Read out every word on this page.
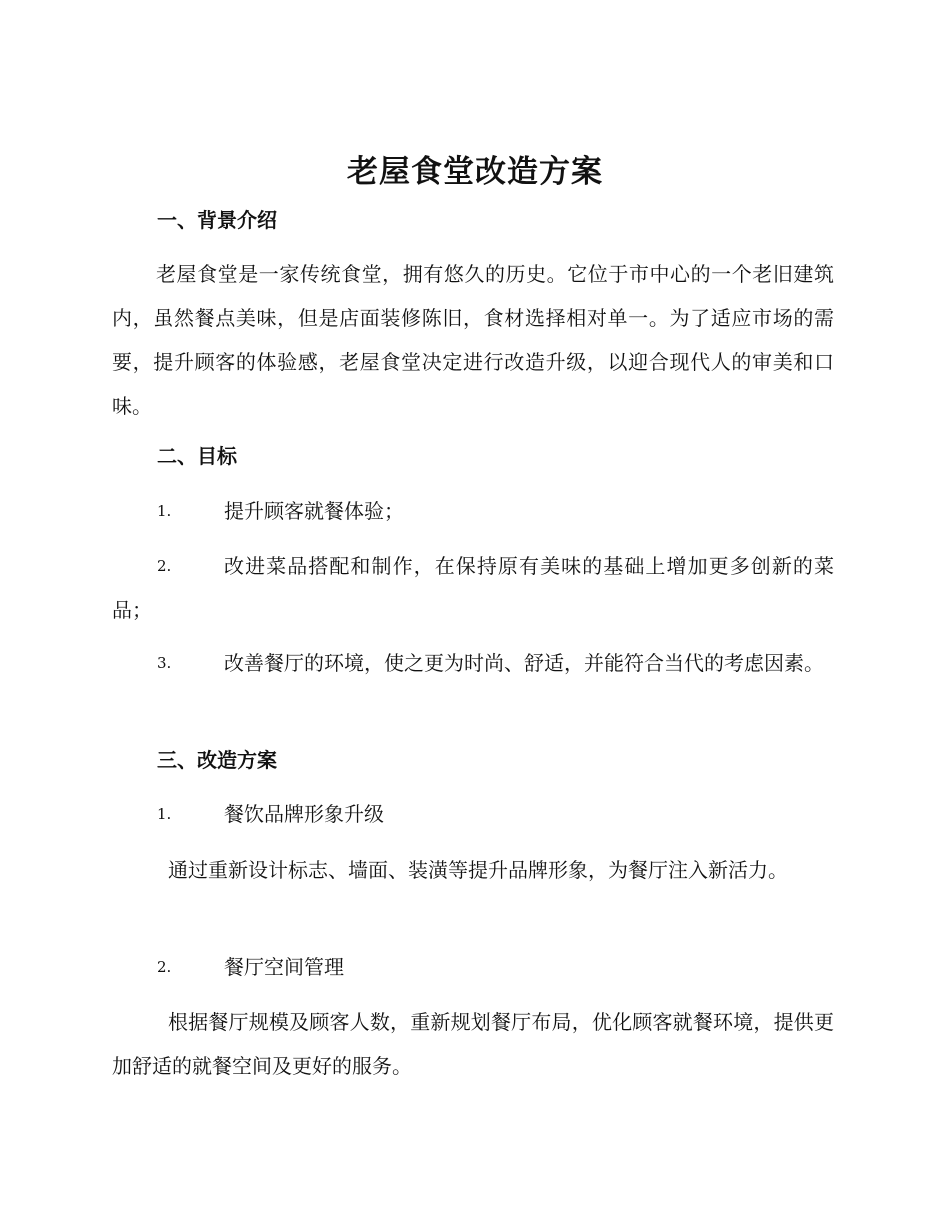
老屋食堂改造方案
一、背景介绍

老屋食堂是一家传统食堂，拥有悠久的历史。它位于市中心的一个老旧建筑内，虽然餐点美味，但是店面装修陈旧，食材选择相对单一。为了适应市场的需要，提升顾客的体验感，老屋食堂决定进行改造升级，以迎合现代人的审美和口味。

二、目标
1.	提升顾客就餐体验；
2.	改进菜品搭配和制作，在保持原有美味的基础上增加更多创新的菜品；
3.	改善餐厅的环境，使之更为时尚、舒适，并能符合当代的考虑因素。
三、改造方案
1.	餐饮品牌形象升级

通过重新设计标志、墙面、装潢等提升品牌形象，为餐厅注入新活力。

2.	餐厅空间管理

根据餐厅规模及顾客人数，重新规划餐厅布局，优化顾客就餐环境，提供更加舒适的就餐空间及更好的服务。
